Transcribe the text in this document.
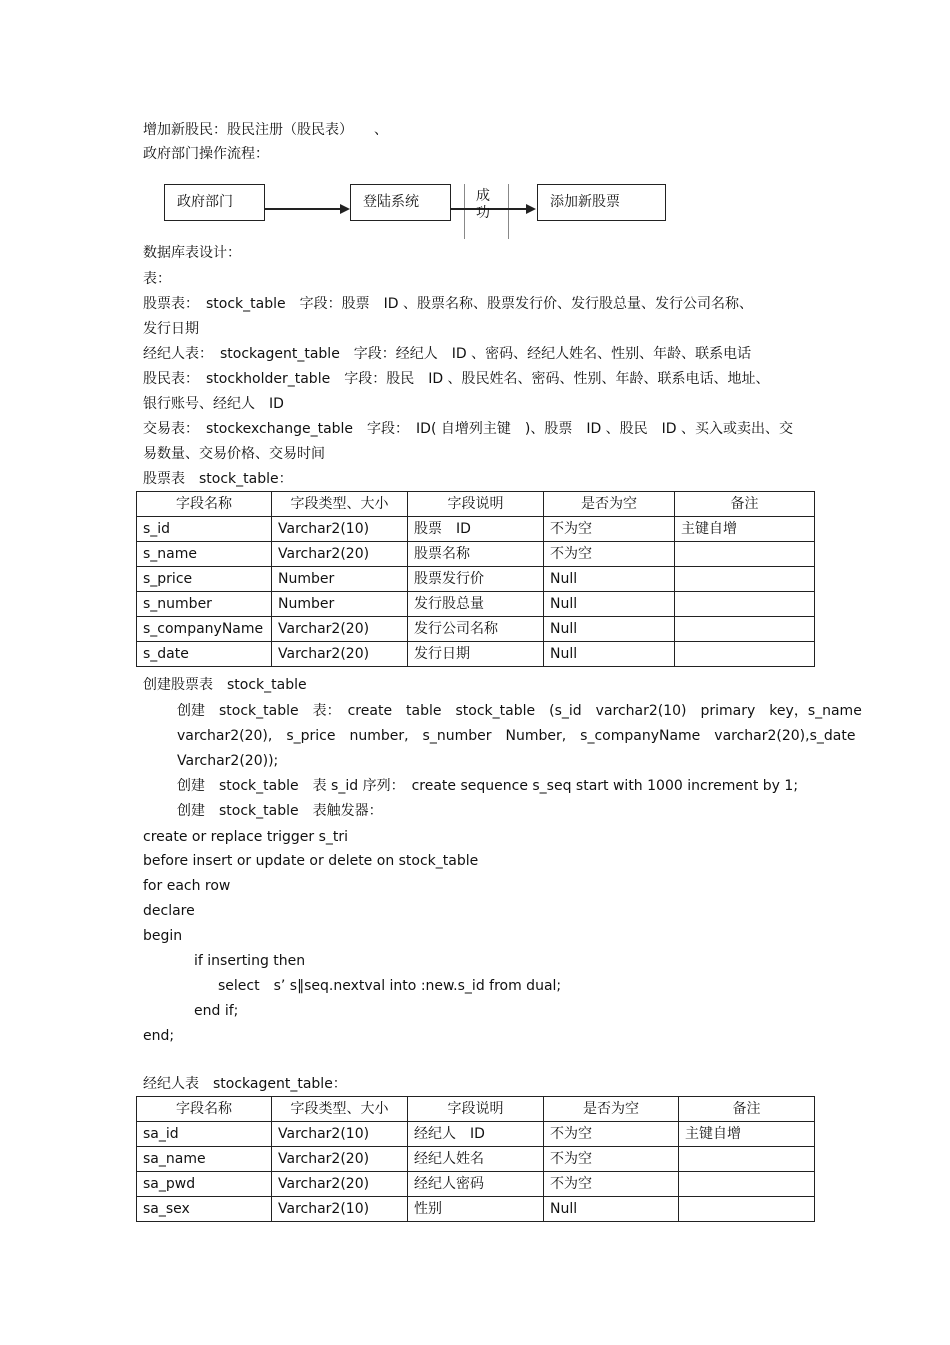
增加新股民：股民注册（股民表）　　、
政府部门操作流程：
政府部门	登陆系统	成
功
添加新股票
数据库表设计：
表：
股票表：　stock_table　字段：股票　ID 、股票名称、股票发行价、发行股总量、发行公司名称、
发行日期
经纪人表：　stockagent_table　字段：经纪人　ID 、密码、经纪人姓名、性别、年龄、联系电话
股民表：　stockholder_table　字段：股民　ID 、股民姓名、密码、性别、年龄、联系电话、地址、
银行账号、经纪人　ID
交易表：　stockexchange_table　字段：　ID( 自增列主键　)、股票　ID 、股民　ID 、买入或卖出、交
易数量、交易价格、交易时间
股票表　stock_table：
字段名称	字段类型、大小	字段说明	是否为空	备注
s_id	Varchar2(10)	股票　ID	不为空	主键自增
s_name	Varchar2(20)	股票名称	不为空	
s_price	Number	股票发行价	Null	
s_number	Number	发行股总量	Null	
s_companyName	Varchar2(20)	发行公司名称	Null	
s_date	Varchar2(20)	发行日期	Null	
创建股票表　stock_table
创建　stock_table　表：　create　table　stock_table　(s_id　varchar2(10)　primary　key，s_name
varchar2(20),　s_price　number,　s_number　Number,　s_companyName　varchar2(20),s_date
Varchar2(20));
创建　stock_table　表 s_id 序列：　create sequence s_seq start with 1000 increment by 1;
创建　stock_table　表触发器：
create or replace trigger s_tri
before insert or update or delete on stock_table
for each row
declare
begin
if inserting then
select　s’ s‖seq.nextval into :new.s_id from dual;
end if;
end;
经纪人表　stockagent_table：
字段名称	字段类型、大小	字段说明	是否为空	备注
sa_id	Varchar2(10)	经纪人　ID	不为空	主键自增
sa_name	Varchar2(20)	经纪人姓名	不为空	
sa_pwd	Varchar2(20)	经纪人密码	不为空	
sa_sex	Varchar2(10)	性别	Null	
